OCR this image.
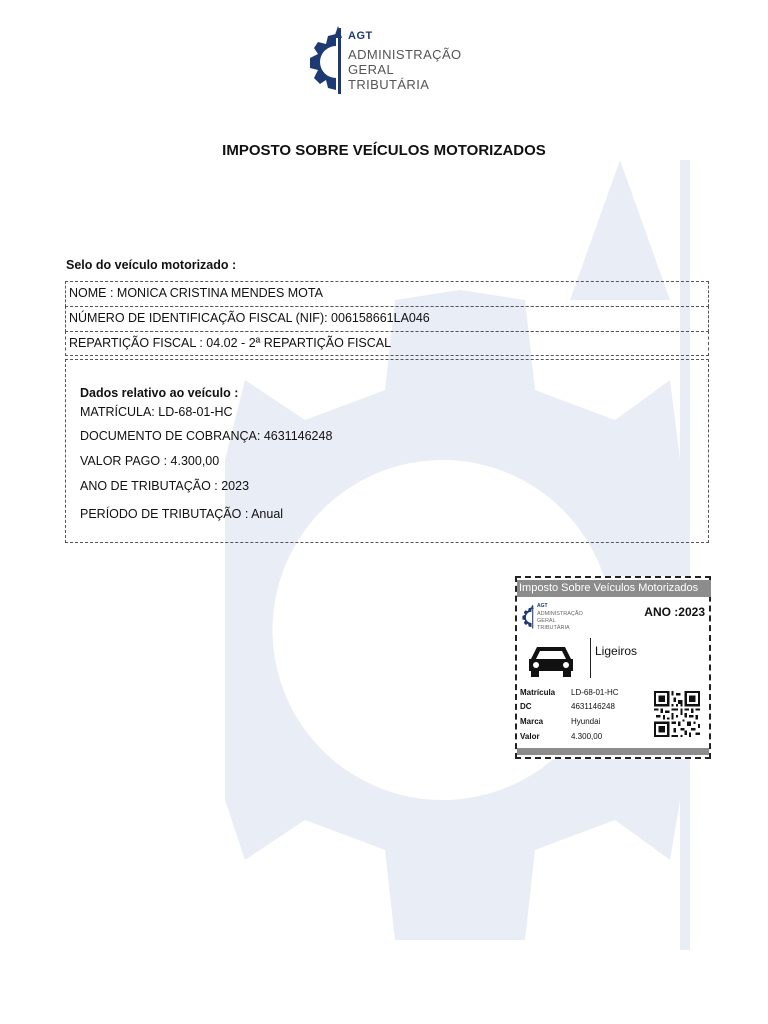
AGT
ADMINISTRAÇÃO
GERAL
TRIBUTÁRIA
IMPOSTO SOBRE VEÍCULOS MOTORIZADOS
Selo do veículo motorizado :
NOME : MONICA CRISTINA MENDES MOTA
NÚMERO DE IDENTIFICAÇÃO FISCAL (NIF): 006158661LA046
REPARTIÇÃO FISCAL : 04.02 - 2ª REPARTIÇÃO FISCAL
Dados relativo ao veículo :
MATRÍCULA: LD-68-01-HC
DOCUMENTO DE COBRANÇA: 4631146248
VALOR PAGO : 4.300,00
ANO DE TRIBUTAÇÃO : 2023
PERÍODO DE TRIBUTAÇÃO : Anual
Imposto Sobre Veículos Motorizados
AGT
ADMINISTRAÇÃO
GERAL
TRIBUTÁRIA
ANO :2023
Ligeiros
Matrícula LD-68-01-HC
DC	4631146248
Marca	Hyundai
Valor	4.300,00
